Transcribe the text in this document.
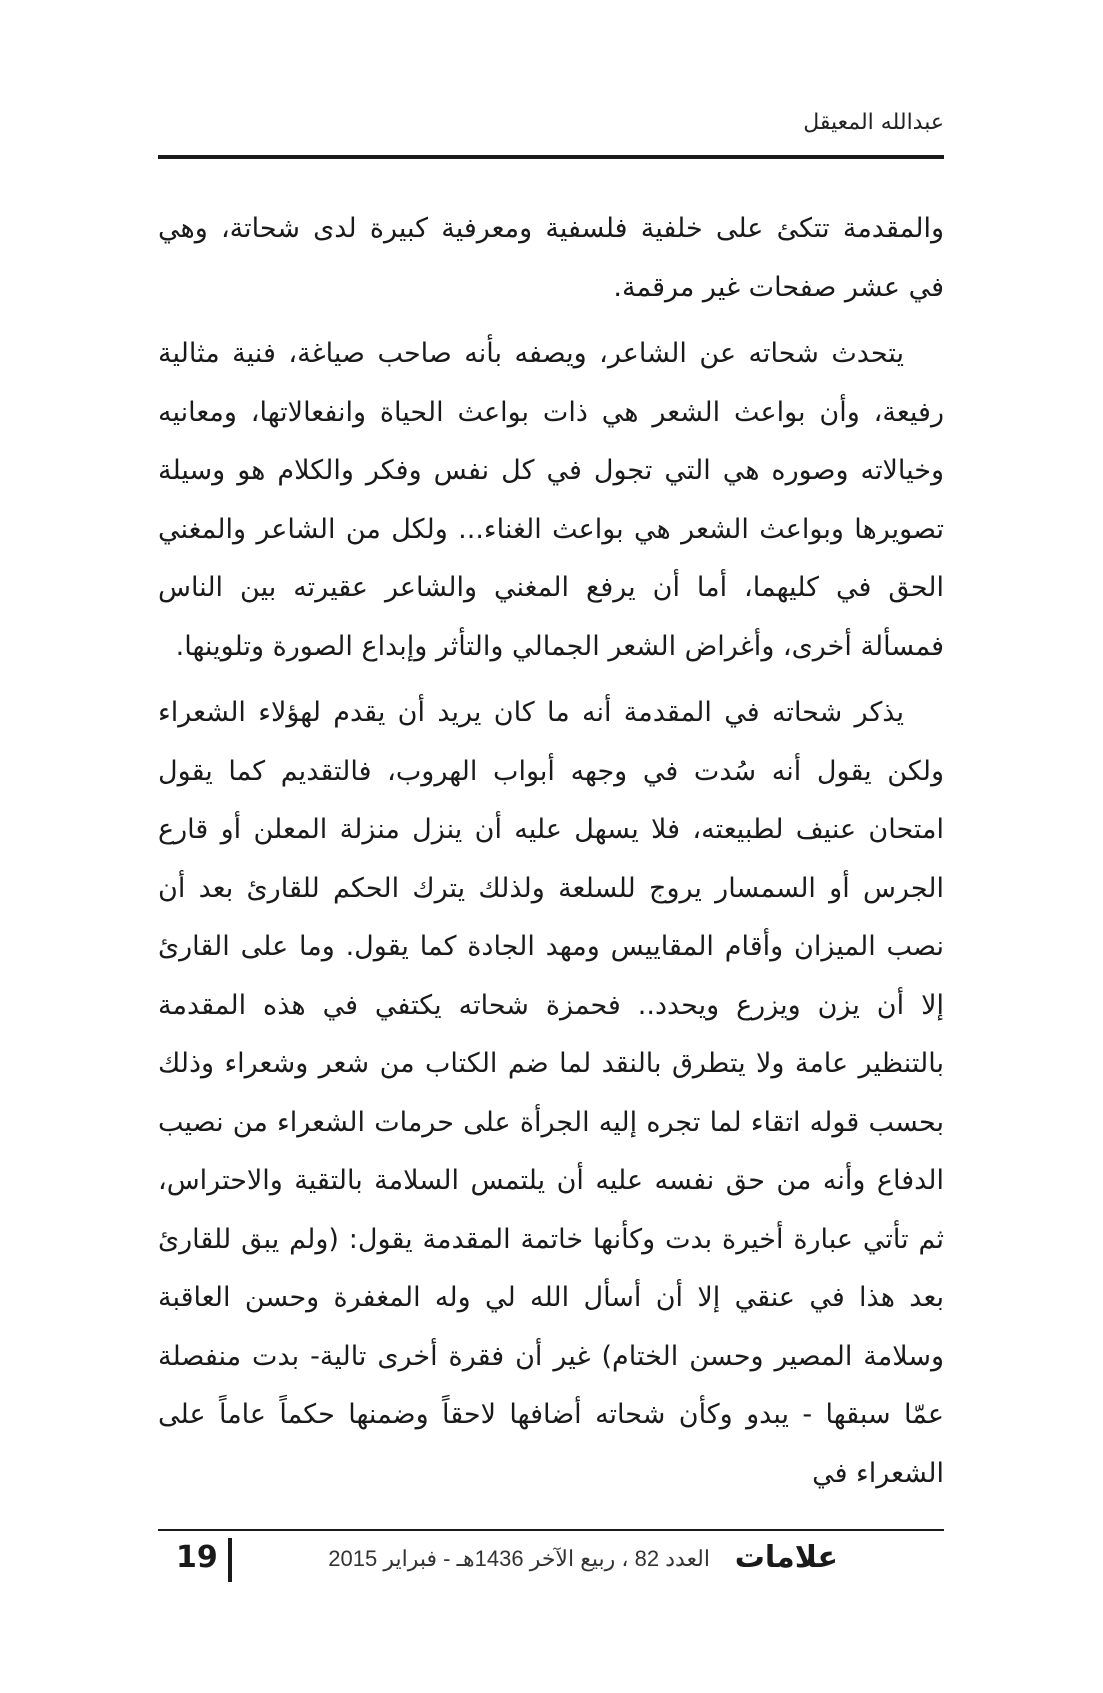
عبدالله المعيقل

والمقدمة تتكئ على خلفية فلسفية ومعرفية كبيرة لدى شحاتة، وهي في عشر صفحات غير مرقمة.

يتحدث شحاته عن الشاعر، ويصفه بأنه صاحب صياغة، فنية مثالية رفيعة، وأن بواعث الشعر هي ذات بواعث الحياة وانفعالاتها، ومعانيه وخيالاته وصوره هي التي تجول في كل نفس وفكر والكلام هو وسيلة تصويرها وبواعث الشعر هي بواعث الغناء... ولكل من الشاعر والمغني الحق في كليهما، أما أن يرفع المغني والشاعر عقيرته بين الناس فمسألة أخرى، وأغراض الشعر الجمالي والتأثر وإبداع الصورة وتلوينها.

يذكر شحاته في المقدمة أنه ما كان يريد أن يقدم لهؤلاء الشعراء ولكن يقول أنه سُدت في وجهه أبواب الهروب، فالتقديم كما يقول امتحان عنيف لطبيعته، فلا يسهل عليه أن ينزل منزلة المعلن أو قارع الجرس أو السمسار يروج للسلعة ولذلك يترك الحكم للقارئ بعد أن نصب الميزان وأقام المقاييس ومهد الجادة كما يقول. وما على القارئ إلا أن يزن ويزرع ويحدد.. فحمزة شحاته يكتفي في هذه المقدمة بالتنظير عامة ولا يتطرق بالنقد لما ضم الكتاب من شعر وشعراء وذلك بحسب قوله اتقاء لما تجره إليه الجرأة على حرمات الشعراء من نصيب الدفاع وأنه من حق نفسه عليه أن يلتمس السلامة بالتقية والاحتراس، ثم تأتي عبارة أخيرة بدت وكأنها خاتمة المقدمة يقول: (ولم يبق للقارئ بعد هذا في عنقي إلا أن أسأل الله لي وله المغفرة وحسن العاقبة وسلامة المصير وحسن الختام) غير أن فقرة أخرى تالية- بدت منفصلة عمّا سبقها - يبدو وكأن شحاته أضافها لاحقاً وضمنها حكماً عاماً على الشعراء في

19	العدد 82 ، ربيع الآخر 1436هـ - فبراير 2015 علامات
